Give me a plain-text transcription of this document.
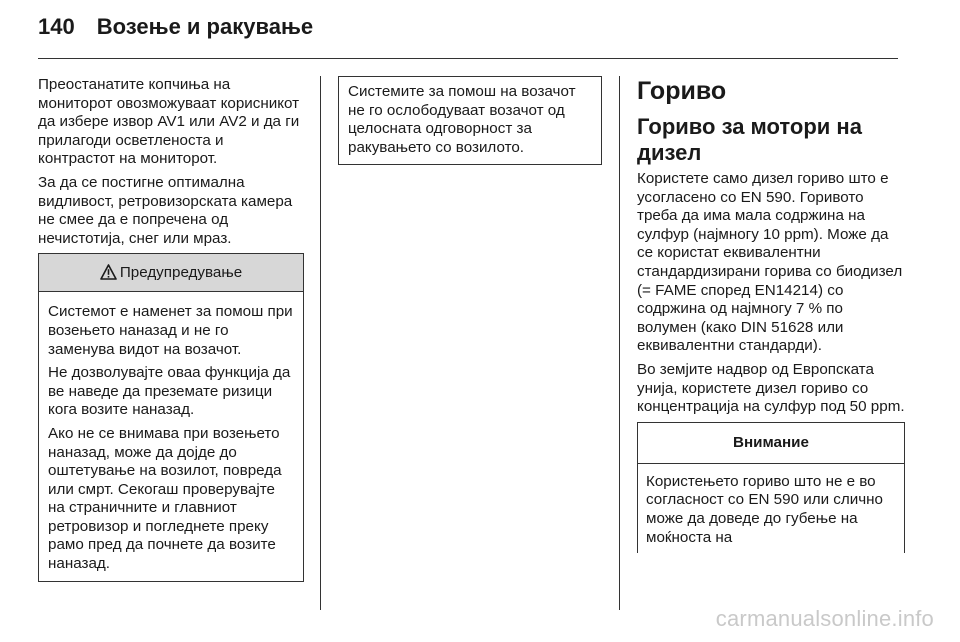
140 Возење и ракување

Преостанатите копчиња на мониторот овозможуваат корисникот да избере извор AV1 или AV2 и да ги прилагоди осветленоста и контрастот на мониторот.

За да се постигне оптимална видливост, ретровизорската камера не смее да е попречена од нечистотија, снег или мраз.

Предупредување

Системот е наменет за помош при возењето наназад и не го заменува видот на возачот.

Не дозволувајте оваа функција да ве наведе да преземате ризици кога возите наназад.

Ако не се внимава при возењето наназад, може да дојде до оштетување на возилот, повреда или смрт. Секогаш проверувајте на страничните и главниот ретровизор и погледнете преку рамо пред да почнете да возите наназад.

Системите за помош на возачот не го ослободуваат возачот од целосната одговорност за ракувањето со возилото.

Гориво
Гориво за мотори на дизел

Користете само дизел гориво што е усогласено со EN 590. Горивото треба да има мала содржина на сулфур (најмногу 10 ppm). Може да се користат еквивалентни стандардизирани горива со биодизел (= FAME според EN14214) со содржина од најмногу 7 % по волумен (како DIN 51628 или еквивалентни стандарди).

Во земјите надвор од Европската унија, користете дизел гориво со концентрација на сулфур под 50 ppm.

Внимание

Користењето гориво што не е во согласност со EN 590 или слично може да доведе до губење на моќноста на

carmanualsonline.info
